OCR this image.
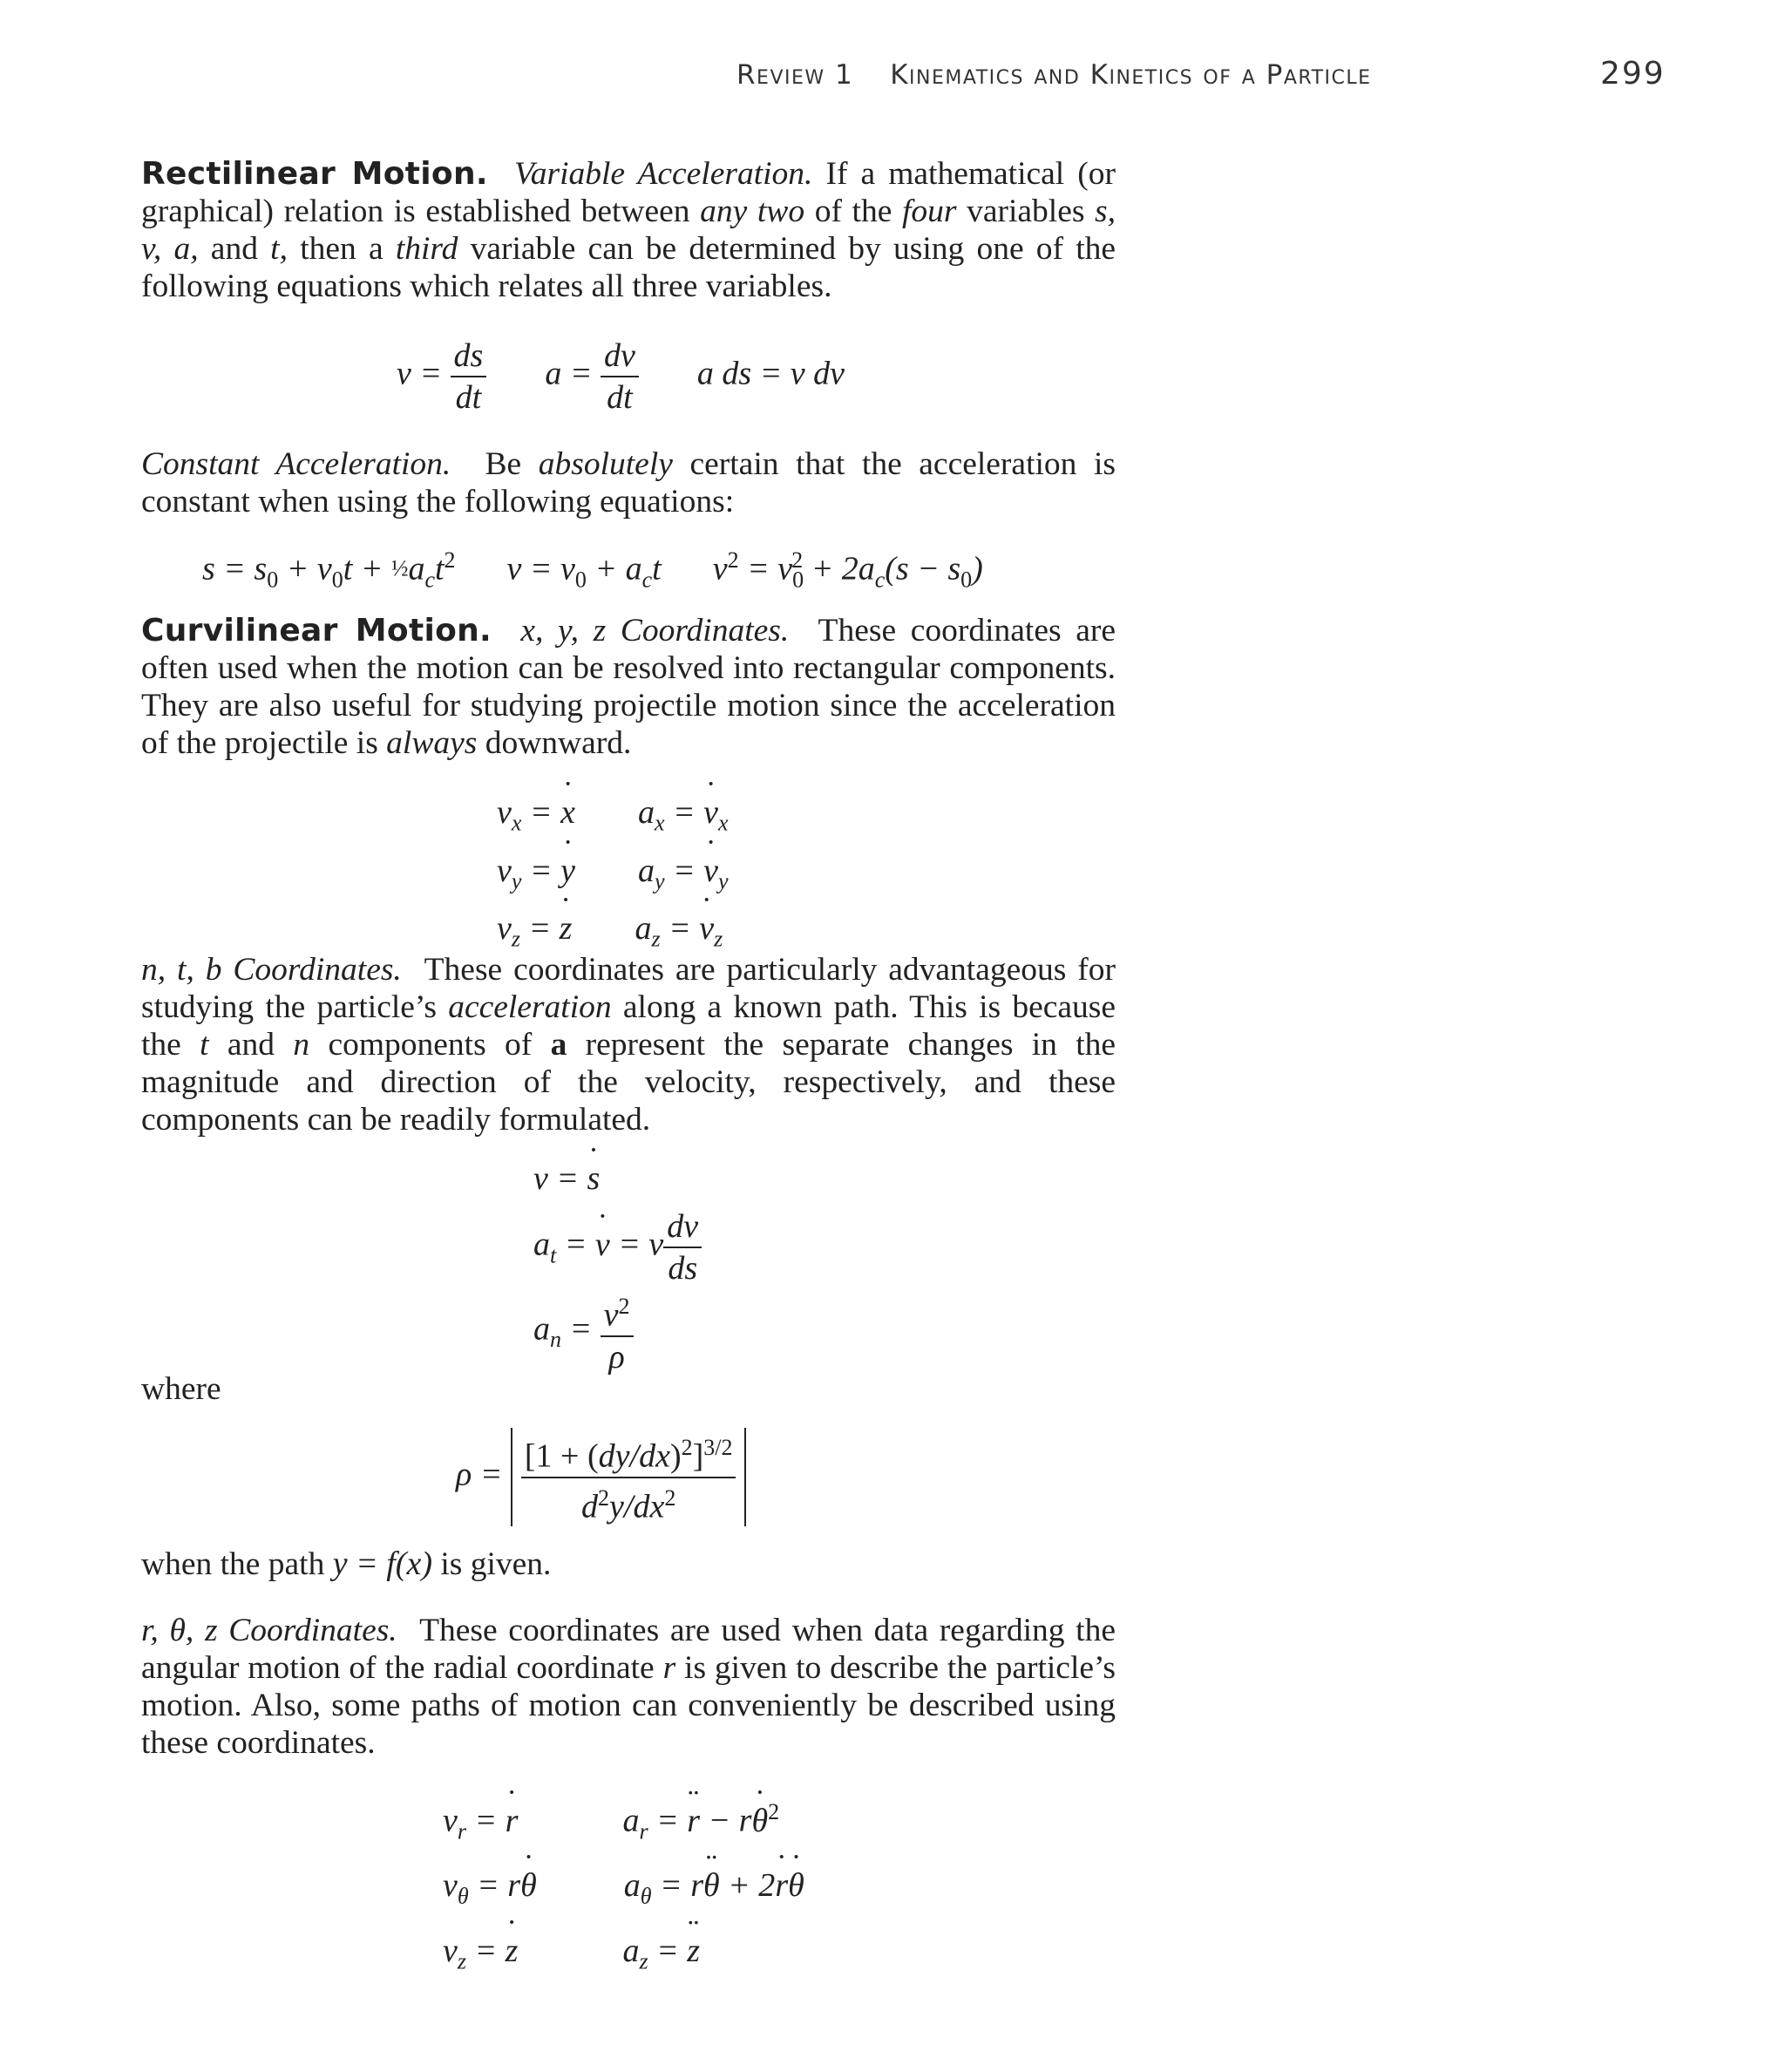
Review 1 Kinematics and Kinetics of a Particle	299
Rectilinear Motion. Variable Acceleration. If a mathematical (or graphical) relation is established between any two of the four variables s, v, a, and t, then a third variable can be determined by using one of the following equations which relates all three variables.
$v = \frac{ds}{dt}$ $a = \frac{dv}{dt}$ a ds = v dv
Constant Acceleration. Be absolutely certain that the acceleration is constant when using the following equations:
$s = s_0 + v_0t$ + $\frac{1}{2}a_ct^2$  $v = v_0 + a_ct$  $v^2 = v_0^2 + 2a_c(s - s_0)$
Curvilinear Motion. x, y, z Coordinates. These coordinates are often used when the motion can be resolved into rectangular components. They are also useful for studying projectile motion since the acceleration of the projectile is always downward.
$v_x = x$ ˙ $a_x = v$ $˙_x$
$v_y = y$ ˙ $a_y = v$ $˙_y$
$v_z = z$ ˙ $a_z = v$ $˙_z$
n, t, b Coordinates. These coordinates are particularly advantageous for studying the particle’s acceleration along a known path. This is because the t and n components of a represent the separate changes in the magnitude and direction of the velocity, respectively, and these components can be readily formulated.
v = s ˙
$a_t = v$ ˙ = v $\frac{dv}{ds}$
$a_n = \frac{v^2}{\rho}$
where
$\rho = \frac{[1 + (dy/dx)^2]^{3/2}}{d^2y/dx^2}$
when the path y = f(x) is given.
r, θ, z Coordinates. These coordinates are used when data regarding the angular motion of the radial coordinate r is given to describe the particle’s motion. Also, some paths of motion can conveniently be described using these coordinates.
$v_r = r$ ˙	$a_r = r$ ¨ − rθ ˙$^2$
$v_\theta = r\theta$ ˙	$a_\theta = r\theta$ ¨ + 2r ˙θ ˙
$v_z = z$ ˙	$a_z = z$ ¨
